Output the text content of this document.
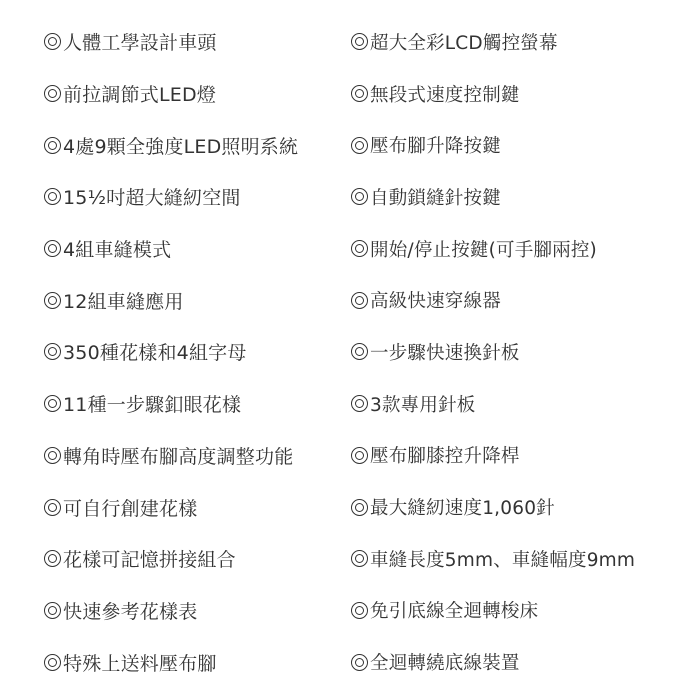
人體工學設計車頭
前拉調節式LED燈
4處9顆全強度LED照明系統
15½吋超大縫紉空間
4組車縫模式
12組車縫應用
350種花樣和4組字母
11種一步驟釦眼花樣
轉角時壓布腳高度調整功能
可自行創建花樣
花樣可記憶拼接組合
快速參考花樣表
特殊上送料壓布腳
超大全彩LCD觸控螢幕
無段式速度控制鍵
壓布腳升降按鍵
自動鎖縫針按鍵
開始/停止按鍵(可手腳兩控)
高級快速穿線器
一步驟快速換針板
3款專用針板
壓布腳膝控升降桿
最大縫紉速度1,060針
車縫長度5mm、車縫幅度9mm
免引底線全迴轉梭床
全迴轉繞底線裝置
